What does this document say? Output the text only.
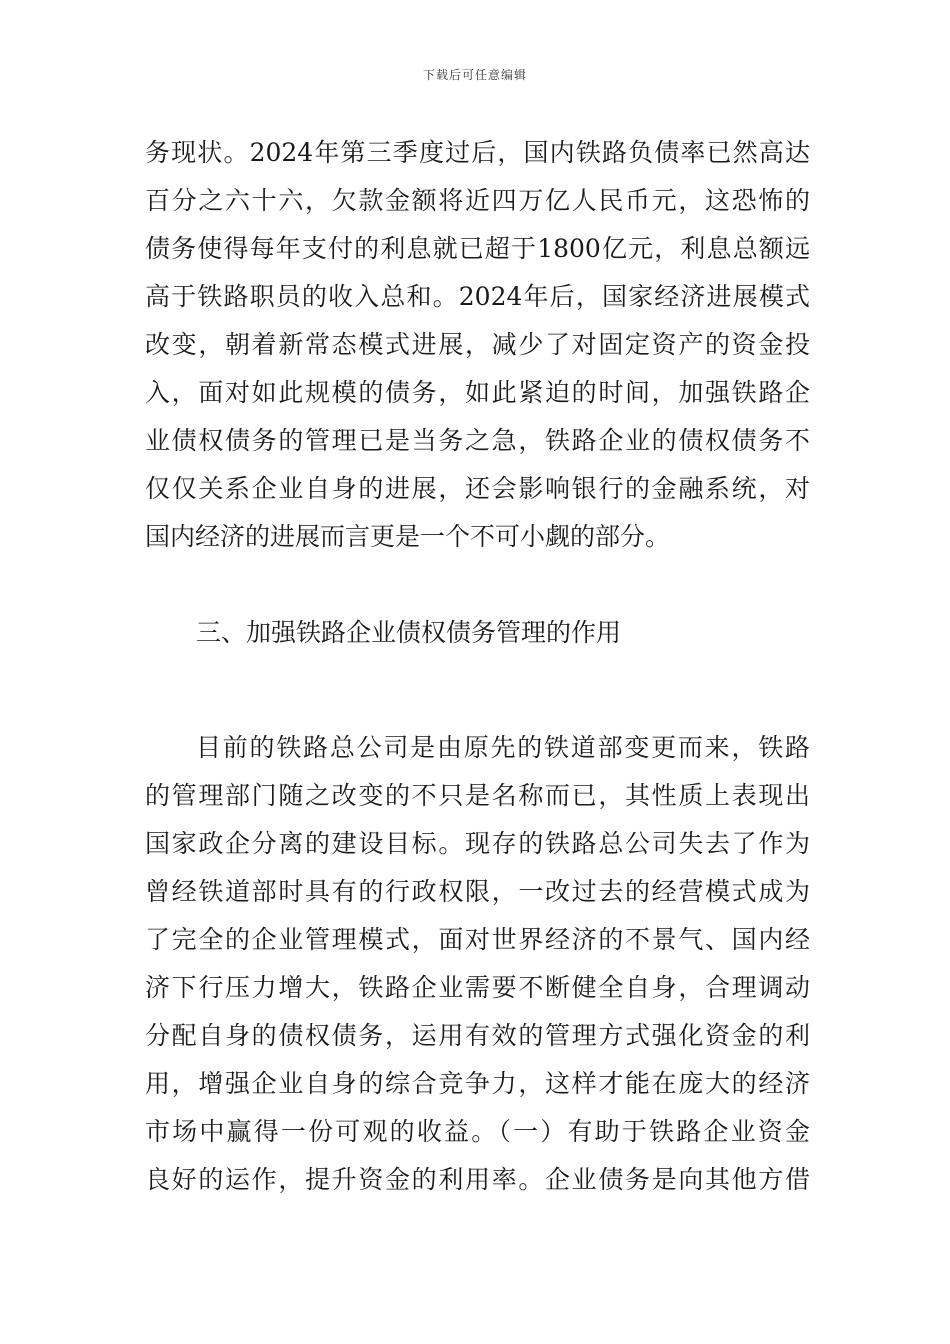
下载后可任意编辑
务现状。2024年第三季度过后，国内铁路负债率已然高达
百分之六十六，欠款金额将近四万亿人民币元，这恐怖的
债务使得每年支付的利息就已超于1800亿元，利息总额远
高于铁路职员的收入总和。2024年后，国家经济进展模式
改变，朝着新常态模式进展，减少了对固定资产的资金投
入，面对如此规模的债务，如此紧迫的时间，加强铁路企
业债权债务的管理已是当务之急，铁路企业的债权债务不
仅仅关系企业自身的进展，还会影响银行的金融系统，对
国内经济的进展而言更是一个不可小觑的部分。
三、加强铁路企业债权债务管理的作用
目前的铁路总公司是由原先的铁道部变更而来，铁路
的管理部门随之改变的不只是名称而已，其性质上表现出
国家政企分离的建设目标。现存的铁路总公司失去了作为
曾经铁道部时具有的行政权限，一改过去的经营模式成为
了完全的企业管理模式，面对世界经济的不景气、国内经
济下行压力增大，铁路企业需要不断健全自身，合理调动
分配自身的债权债务，运用有效的管理方式强化资金的利
用，增强企业自身的综合竞争力，这样才能在庞大的经济
市场中赢得一份可观的收益。（一）有助于铁路企业资金
良好的运作，提升资金的利用率。企业债务是向其他方借
